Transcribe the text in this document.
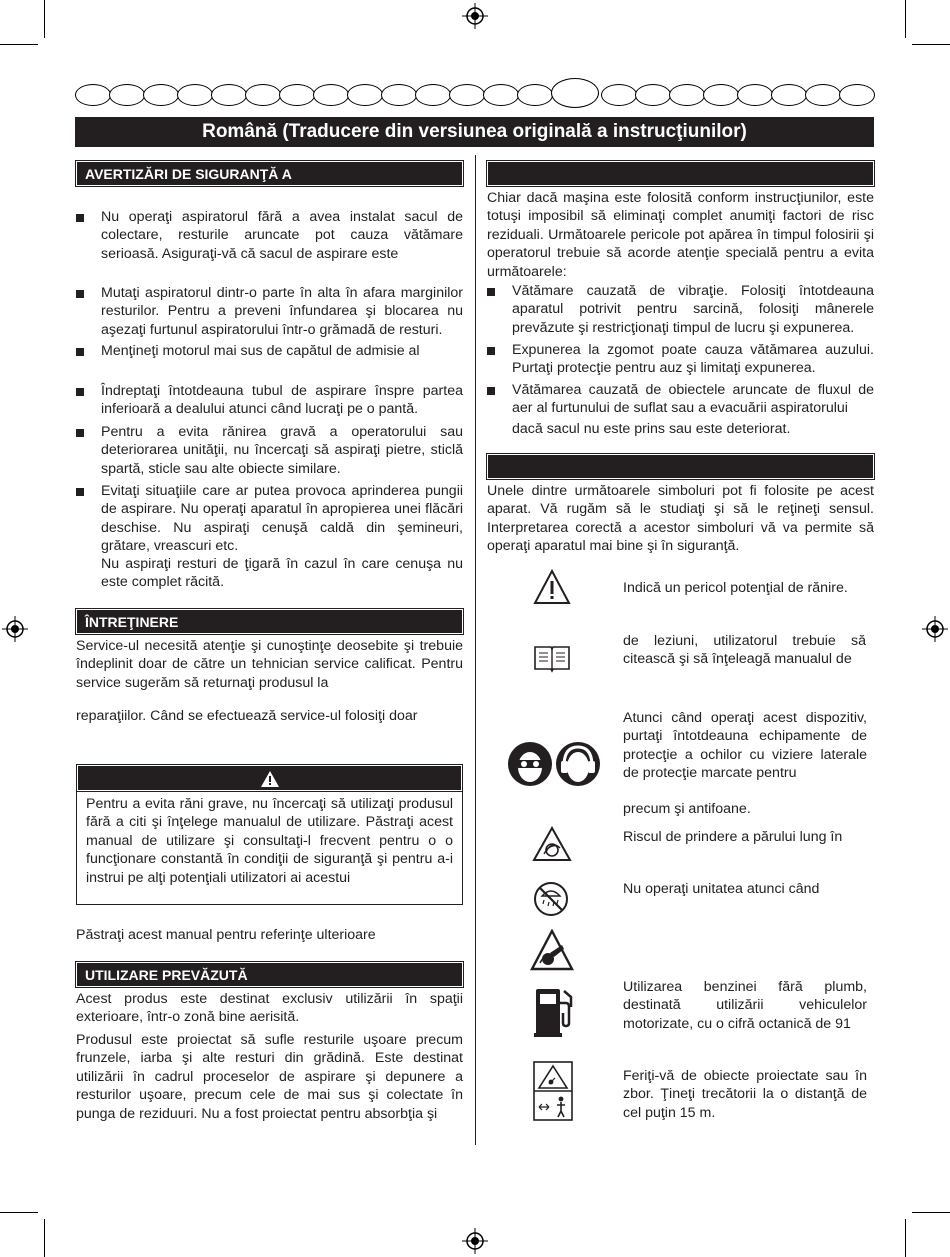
Română (Traducere din versiunea originală a instrucţiunilor)
AVERTIZĂRI DE SIGURANŢĂ A
Nu operaţi aspiratorul fără a avea instalat sacul de colectare, resturile aruncate pot cauza vătămare serioasă. Asiguraţi-vă că sacul de aspirare este
Mutaţi aspiratorul dintr-o parte în alta în afara marginilor resturilor. Pentru a preveni înfundarea şi blocarea nu aşezaţi furtunul aspiratorului într-o grămadă de resturi.
Menţineţi motorul mai sus de capătul de admisie al
Îndreptaţi întotdeauna tubul de aspirare înspre partea inferioară a dealului atunci când lucraţi pe o pantă.
Pentru a evita rănirea gravă a operatorului sau deteriorarea unităţii, nu încercaţi să aspiraţi pietre, sticlă spartă, sticle sau alte obiecte similare.
Evitaţi situaţiile care ar putea provoca aprinderea pungii de aspirare. Nu operaţi aparatul în apropierea unei flăcări deschise. Nu aspiraţi cenuşă caldă din şemineuri, grătare, vreascuri etc.
Nu aspiraţi resturi de ţigară în cazul în care cenuşa nu este complet răcită.
ÎNTREŢINERE
Service-ul necesită atenţie şi cunoştinţe deosebite şi trebuie îndeplinit doar de către un tehnician service calificat. Pentru service sugerăm să returnaţi produsul la
reparaţiilor. Când se efectuează service-ul folosiţi doar
Pentru a evita răni grave, nu încercaţi să utilizaţi produsul fără a citi şi înţelege manualul de utilizare. Păstraţi acest manual de utilizare şi consultaţi-l frecvent pentru o o funcţionare constantă în condiţii de siguranţă şi pentru a-i instrui pe alţi potenţiali utilizatori ai acestui
Păstraţi acest manual pentru referinţe ulterioare
UTILIZARE PREVĂZUTĂ
Acest produs este destinat exclusiv utilizării în spaţii exterioare, într-o zonă bine aerisită.
Produsul este proiectat să sufle resturile uşoare precum frunzele, iarba şi alte resturi din grădină. Este destinat utilizării în cadrul proceselor de aspirare şi depunere a resturilor uşoare, precum cele de mai sus şi colectate în punga de reziduuri. Nu a fost proiectat pentru absorbţia şi
Chiar dacă maşina este folosită conform instrucţiunilor, este totuşi imposibil să eliminaţi complet anumiţi factori de risc reziduali. Următoarele pericole pot apărea în timpul folosirii şi operatorul trebuie să acorde atenţie specială pentru a evita următoarele:
Vătămare cauzată de vibraţie. Folosiţi întotdeauna aparatul potrivit pentru sarcină, folosiţi mânerele prevăzute şi restricţionaţi timpul de lucru şi expunerea.
Expunerea la zgomot poate cauza vătămarea auzului. Purtaţi protecţie pentru auz şi limitaţi expunerea.
Vătămarea cauzată de obiectele aruncate de fluxul de aer al furtunului de suflat sau a evacuării aspiratorului
dacă sacul nu este prins sau este deteriorat.
Unele dintre următoarele simboluri pot fi folosite pe acest aparat. Vă rugăm să le studiaţi şi să le reţineţi sensul. Interpretarea corectă a acestor simboluri vă va permite să operaţi aparatul mai bine şi în siguranţă.
Indică un pericol potenţial de rănire.
de leziuni, utilizatorul trebuie să citească şi să înţeleagă manualul de
Atunci când operaţi acest dispozitiv, purtaţi întotdeauna echipamente de protecţie a ochilor cu viziere laterale de protecţie marcate pentru
precum şi antifoane.
Riscul de prindere a părului lung în
Nu operaţi unitatea atunci când
Utilizarea benzinei fără plumb, destinată utilizării vehiculelor motorizate, cu o cifră octanică de 91
Feriţi-vă de obiecte proiectate sau în zbor. Ţineţi trecătorii la o distanţă de cel puţin 15 m.
